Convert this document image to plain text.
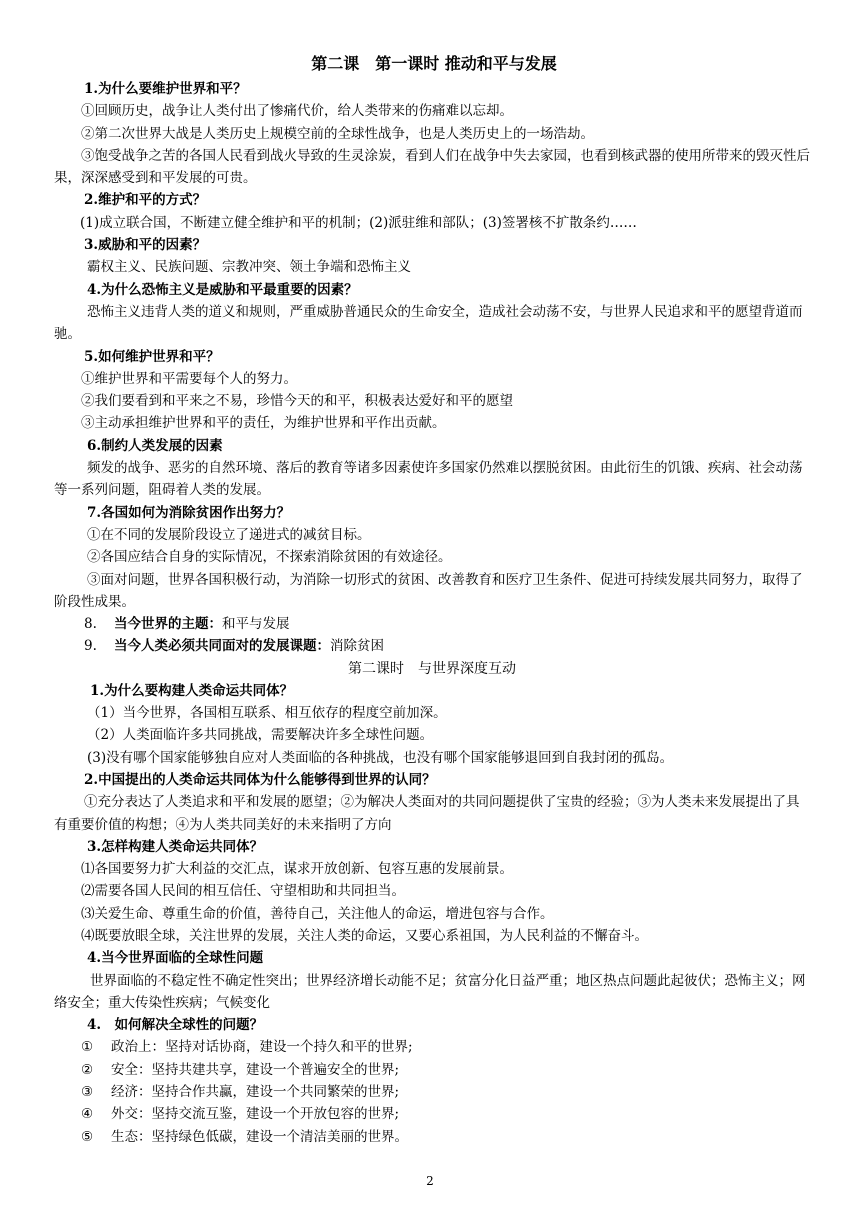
第二课　第一课时 推动和平与发展

1.为什么要维护世界和平？

①回顾历史，战争让人类付出了惨痛代价，给人类带来的伤痛难以忘却。

②第二次世界大战是人类历史上规模空前的全球性战争，也是人类历史上的一场浩劫。

③饱受战争之苦的各国人民看到战火导致的生灵涂炭，看到人们在战争中失去家园，也看到核武器的使用所带来的毁灭性后果，深深感受到和平发展的可贵。

2.维护和平的方式？

(1)成立联合国，不断建立健全维护和平的机制；(2)派驻维和部队；(3)签署核不扩散条约……

3.威胁和平的因素？

霸权主义、民族问题、宗教冲突、领土争端和恐怖主义

4.为什么恐怖主义是威胁和平最重要的因素？

恐怖主义违背人类的道义和规则，严重威胁普通民众的生命安全，造成社会动荡不安，与世界人民追求和平的愿望背道而驰。

5.如何维护世界和平？

①维护世界和平需要每个人的努力。

②我们要看到和平来之不易，珍惜今天的和平，积极表达爱好和平的愿望

③主动承担维护世界和平的责任，为维护世界和平作出贡献。

6.制约人类发展的因素

频发的战争、恶劣的自然环境、落后的教育等诸多因素使许多国家仍然难以摆脱贫困。由此衍生的饥饿、疾病、社会动荡等一系列问题，阻碍着人类的发展。

7.各国如何为消除贫困作出努力？

①在不同的发展阶段设立了递进式的减贫目标。

②各国应结合自身的实际情况，不探索消除贫困的有效途径。

③面对问题，世界各国积极行动，为消除一切形式的贫困、改善教育和医疗卫生条件、促进可持续发展共同努力，取得了阶段性成果。

8. 当今世界的主题：和平与发展

9. 当今人类必须共同面对的发展课题：消除贫困

第二课时　与世界深度互动

1.为什么要构建人类命运共同体？

（1）当今世界，各国相互联系、相互依存的程度空前加深。

（2）人类面临许多共同挑战，需要解决许多全球性问题。

(3)没有哪个国家能够独自应对人类面临的各种挑战，也没有哪个国家能够退回到自我封闭的孤岛。

2.中国提出的人类命运共同体为什么能够得到世界的认同？

①充分表达了人类追求和平和发展的愿望；②为解决人类面对的共同问题提供了宝贵的经验；③为人类未来发展提出了具有重要价值的构想；④为人类共同美好的未来指明了方向

3.怎样构建人类命运共同体？

⑴各国要努力扩大利益的交汇点，谋求开放创新、包容互惠的发展前景。

⑵需要各国人民间的相互信任、守望相助和共同担当。

⑶关爱生命、尊重生命的价值，善待自己，关注他人的命运，增进包容与合作。

⑷既要放眼全球，关注世界的发展，关注人类的命运，又要心系祖国，为人民利益的不懈奋斗。

4.当今世界面临的全球性问题

世界面临的不稳定性不确定性突出；世界经济增长动能不足；贫富分化日益严重；地区热点问题此起彼伏；恐怖主义；网络安全；重大传染性疾病；气候变化

4.　如何解决全球性的问题？

① 政治上：坚持对话协商，建设一个持久和平的世界;

② 安全：坚持共建共享，建设一个普遍安全的世界;

③ 经济：坚持合作共赢，建设一个共同繁荣的世界;

④ 外交：坚持交流互鉴，建设一个开放包容的世界;

⑤ 生态：坚持绿色低碳，建设一个清洁美丽的世界。

2
